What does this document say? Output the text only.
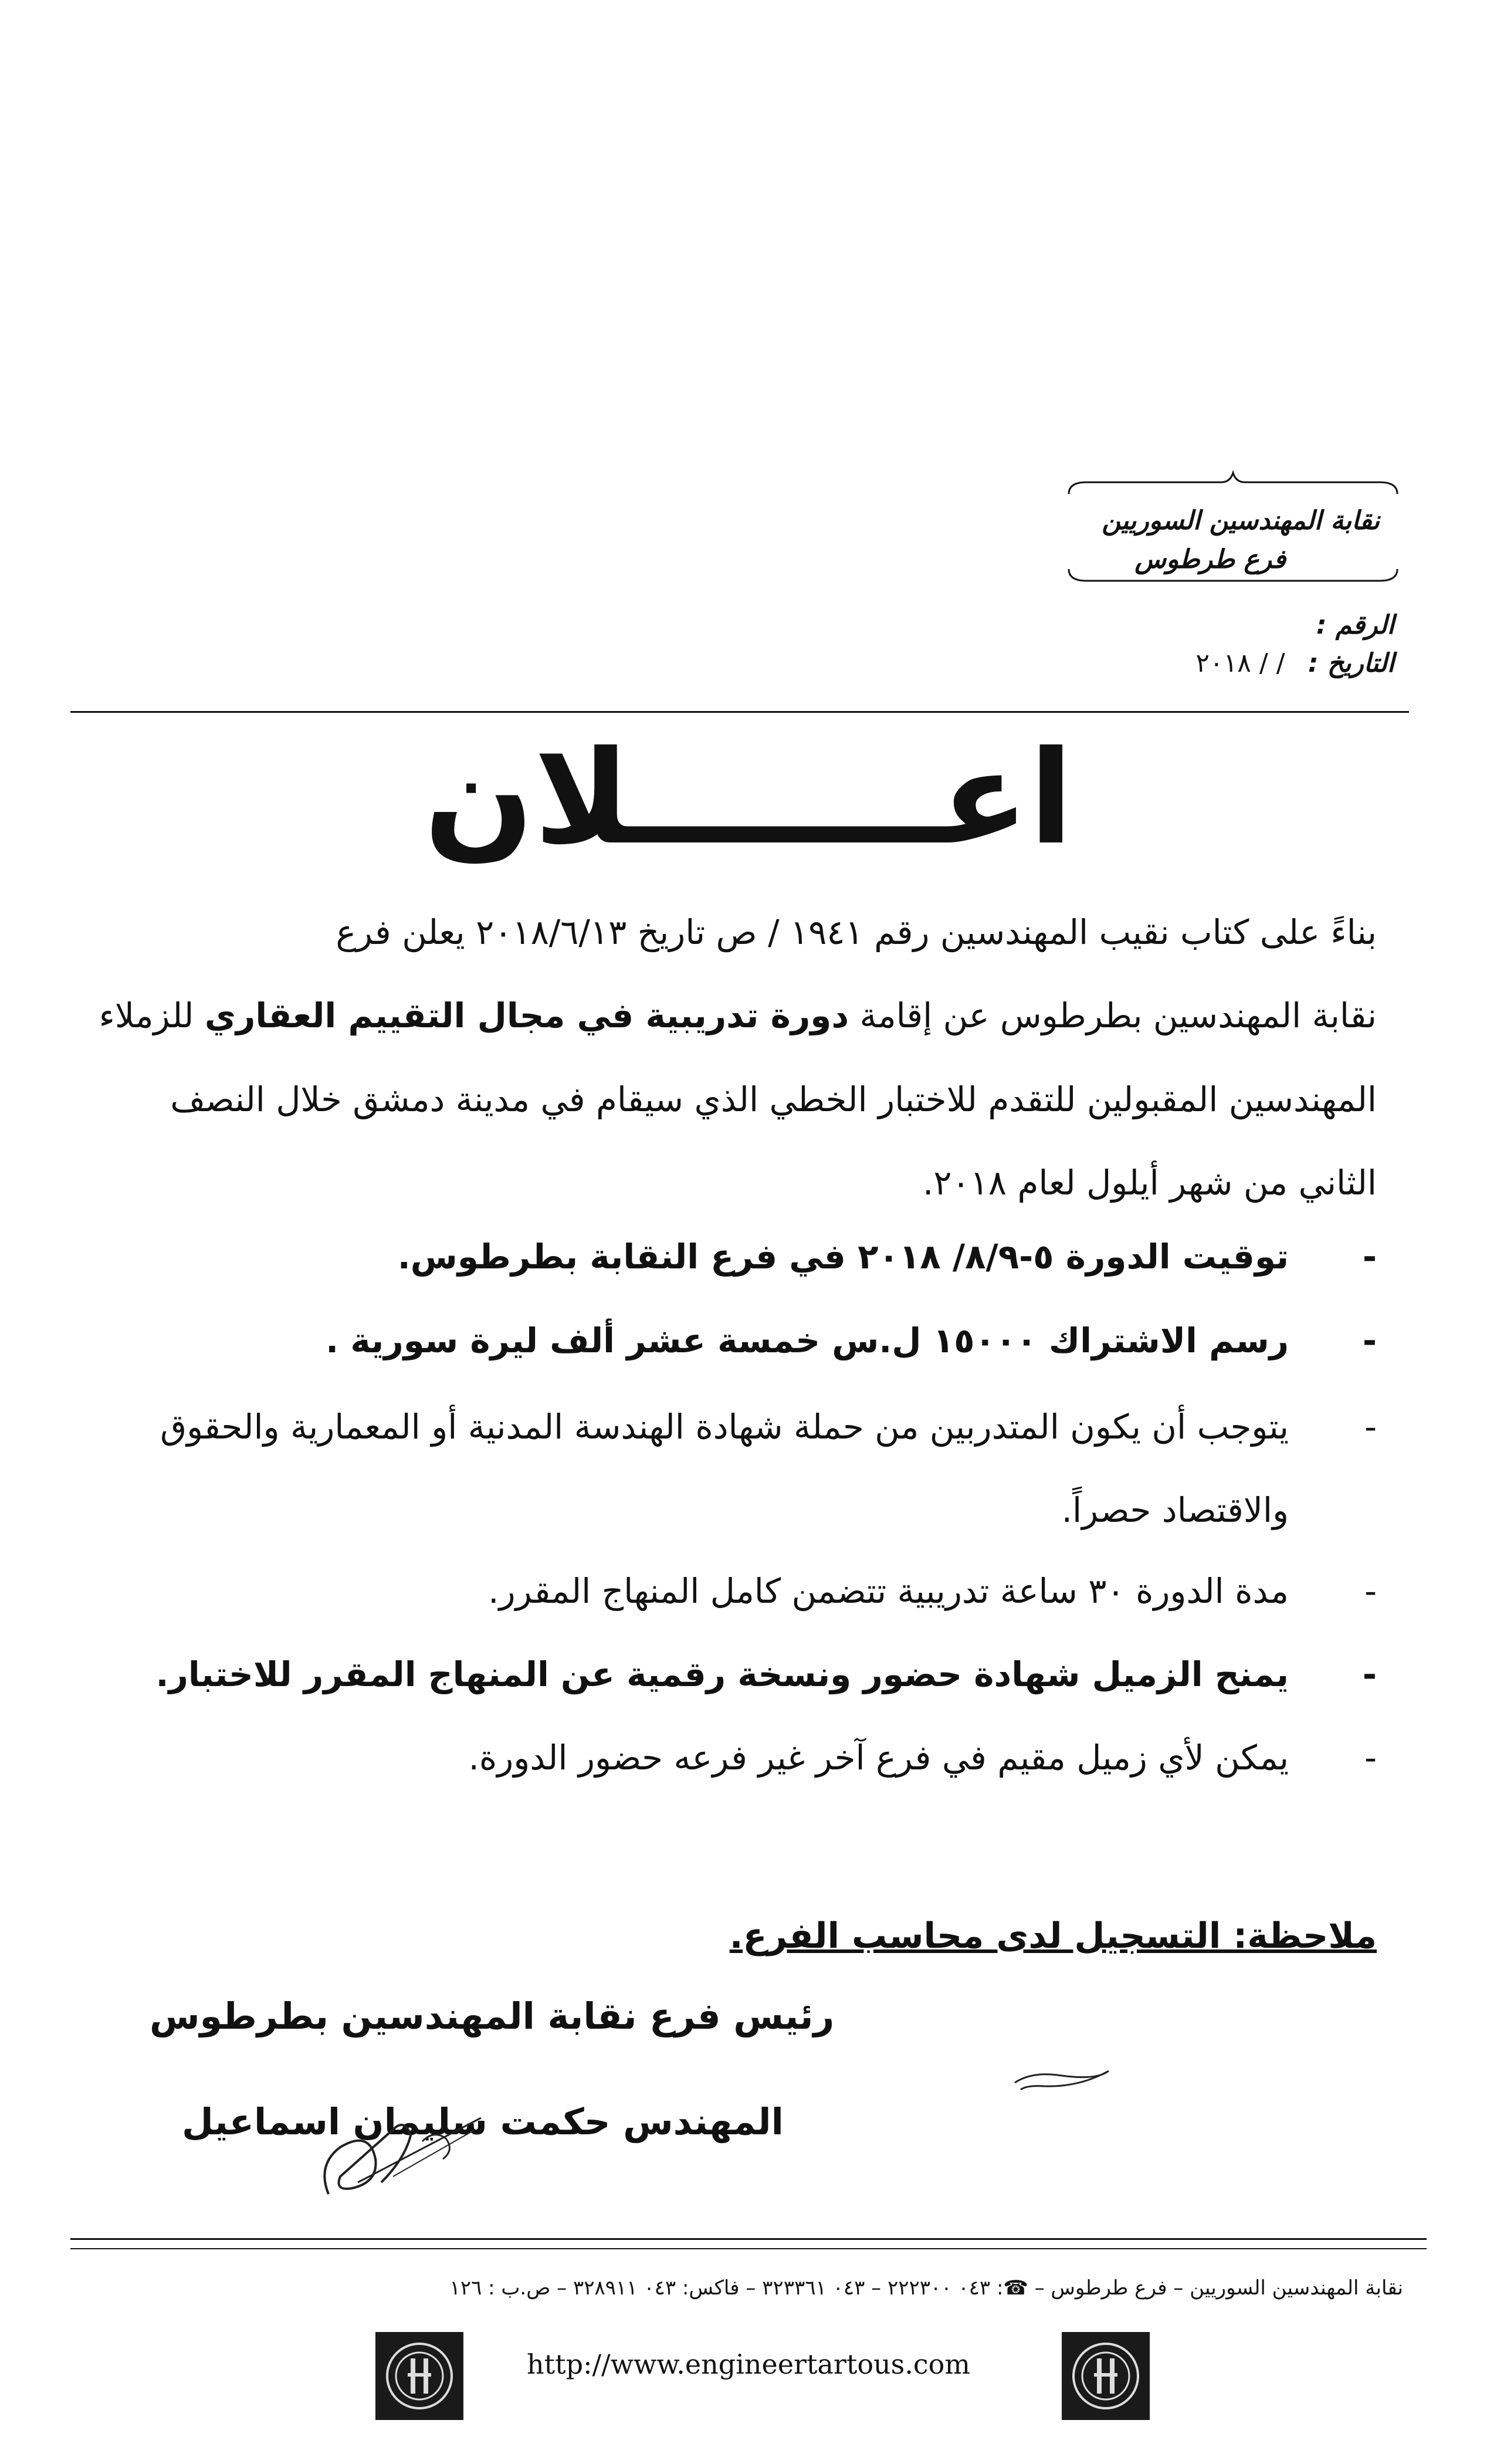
نقابة المهندسين السوريين
فرع طرطوس
الرقم :
التاريخ : / / ٢٠١٨
اعـــــــلان
بناءً على كتاب نقيب المهندسين رقم ١٩٤١ / ص تاريخ ٢٠١٨/٦/١٣ يعلن فرع
نقابة المهندسين بطرطوس عن إقامة دورة تدريبية في مجال التقييم العقاري للزملاء
المهندسين المقبولين للتقدم للاختبار الخطي الذي سيقام في مدينة دمشق خلال النصف
الثاني من شهر أيلول لعام ٢٠١٨.
-
توقيت الدورة ٥-٨/٩/ ٢٠١٨ في فرع النقابة بطرطوس.
-
رسم الاشتراك ١٥٠٠٠ ل.س خمسة عشر ألف ليرة سورية .
-
يتوجب أن يكون المتدربين من حملة شهادة الهندسة المدنية أو المعمارية والحقوق
والاقتصاد حصراً.
-
مدة الدورة ٣٠ ساعة تدريبية تتضمن كامل المنهاج المقرر.
-
يمنح الزميل شهادة حضور ونسخة رقمية عن المنهاج المقرر للاختبار.
-
يمكن لأي زميل مقيم في فرع آخر غير فرعه حضور الدورة.
ملاحظة: التسجيل لدى محاسب الفرع.
رئيس فرع نقابة المهندسين بطرطوس
المهندس حكمت سليمان اسماعيل
نقابة المهندسين السوريين – فرع طرطوس – ☎: ٠٤٣ ٢٢٢٣٠٠ – ٠٤٣ ٣٢٣٣٦١ – فاكس: ٠٤٣ ٣٢٨٩١١ – ص.ب : ١٢٦
http://www.engineertartous.com
